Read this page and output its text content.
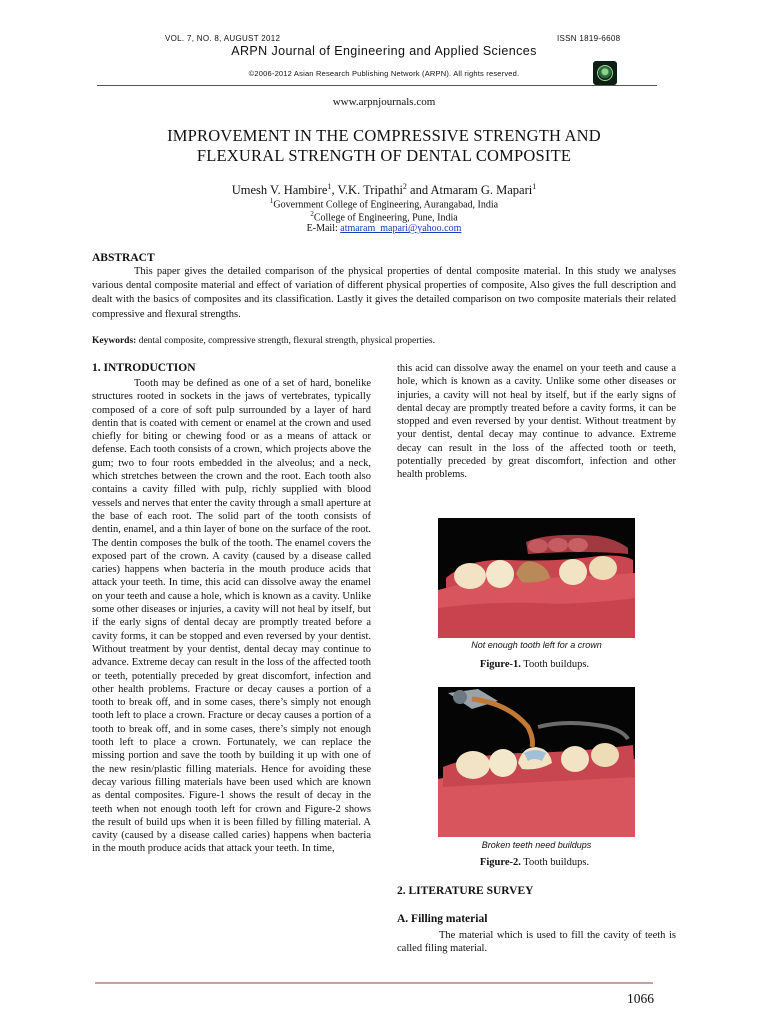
VOL. 7, NO. 8, AUGUST 2012	ISSN 1819-6608
ARPN Journal of Engineering and Applied Sciences
©2006-2012 Asian Research Publishing Network (ARPN). All rights reserved.
www.arpnjournals.com
IMPROVEMENT IN THE COMPRESSIVE STRENGTH AND
FLEXURAL STRENGTH OF DENTAL COMPOSITE
Umesh V. Hambire$^1$, V.K. Tripathi$^2$ and Atmaram G. Mapari$^1$
$^1$Government College of Engineering, Aurangabad, India
$^2$College of Engineering, Pune, India
E-Mail: atmaram_mapari@yahoo.com
ABSTRACT
This paper gives the detailed comparison of the physical properties of dental composite material. In this study we analyses various dental composite material and effect of variation of different physical properties of composite, Also gives the full description and dealt with the basics of composites and its classification. Lastly it gives the detailed comparison on two composite materials their related compressive and flexural strengths.
Keywords: dental composite, compressive strength, flexural strength, physical properties.
1. INTRODUCTION
Tooth may be defined as one of a set of hard, bonelike structures rooted in sockets in the jaws of vertebrates, typically composed of a core of soft pulp surrounded by a layer of hard dentin that is coated with cement or enamel at the crown and used chiefly for biting or chewing food or as a means of attack or defense. Each tooth consists of a crown, which projects above the gum; two to four roots embedded in the alveolus; and a neck, which stretches between the crown and the root. Each tooth also contains a cavity filled with pulp, richly supplied with blood vessels and nerves that enter the cavity through a small aperture at the base of each root. The solid part of the tooth consists of dentin, enamel, and a thin layer of bone on the surface of the root. The dentin composes the bulk of the tooth. The enamel covers the exposed part of the crown. A cavity (caused by a disease called caries) happens when bacteria in the mouth produce acids that attack your teeth. In time, this acid can dissolve away the enamel on your teeth and cause a hole, which is known as a cavity. Unlike some other diseases or injuries, a cavity will not heal by itself, but if the early signs of dental decay are promptly treated before a cavity forms, it can be stopped and even reversed by your dentist. Without treatment by your dentist, dental decay may continue to advance. Extreme decay can result in the loss of the affected tooth or teeth, potentially preceded by great discomfort, infection and other health problems. Fracture or decay causes a portion of a tooth to break off, and in some cases, there’s simply not enough tooth left to place a crown. Fracture or decay causes a portion of a tooth to break off, and in some cases, there’s simply not enough tooth left to place a crown. Fortunately, we can replace the missing portion and save the tooth by building it up with one of the new resin/plastic filling materials. Hence for avoiding these decay various filling materials have been used which are known as dental composites. Figure-1 shows the result of decay in the teeth when not enough tooth left for crown and Figure-2 shows the result of build ups when it is been filled by filling material. A cavity (caused by a disease called caries) happens when bacteria in the mouth produce acids that attack your teeth. In time,
this acid can dissolve away the enamel on your teeth and cause a hole, which is known as a cavity. Unlike some other diseases or injuries, a cavity will not heal by itself, but if the early signs of dental decay are promptly treated before a cavity forms, it can be stopped and even reversed by your dentist. Without treatment by your dentist, dental decay may continue to advance. Extreme decay can result in the loss of the affected tooth or teeth, potentially preceded by great discomfort, infection and other health problems.
Not enough tooth left for a crown
Figure-1. Tooth buildups.
Broken teeth need buildups
Figure-2. Tooth buildups.
2. LITERATURE SURVEY
A. Filling material
The material which is used to fill the cavity of teeth is called filing material.
1066
